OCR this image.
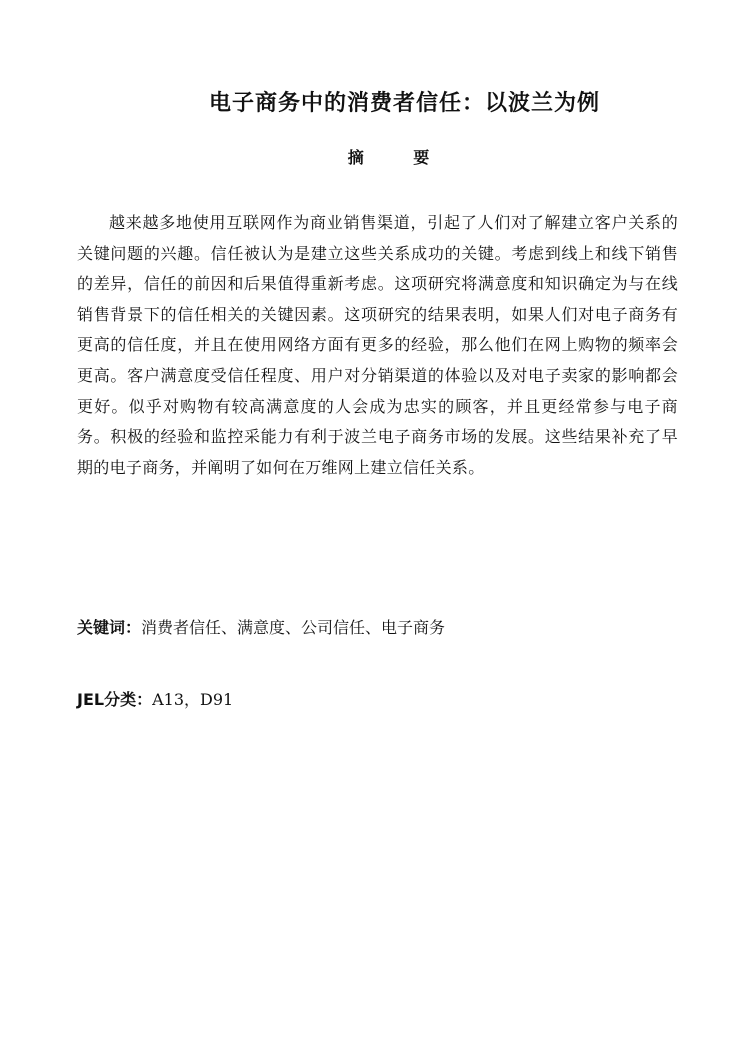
电子商务中的消费者信任：以波兰为例
摘 要

越来越多地使用互联网作为商业销售渠道，引起了人们对了解建立客户关系的关键问题的兴趣。信任被认为是建立这些关系成功的关键。考虑到线上和线下销售的差异，信任的前因和后果值得重新考虑。这项研究将满意度和知识确定为与在线销售背景下的信任相关的关键因素。这项研究的结果表明，如果人们对电子商务有更高的信任度，并且在使用网络方面有更多的经验，那么他们在网上购物的频率会更高。客户满意度受信任程度、用户对分销渠道的体验以及对电子卖家的影响都会更好。似乎对购物有较高满意度的人会成为忠实的顾客，并且更经常参与电子商务。积极的经验和监控采能力有利于波兰电子商务市场的发展。这些结果补充了早期的电子商务，并阐明了如何在万维网上建立信任关系。

关键词：消费者信任、满意度、公司信任、电子商务
JEL分类：A13，D91
